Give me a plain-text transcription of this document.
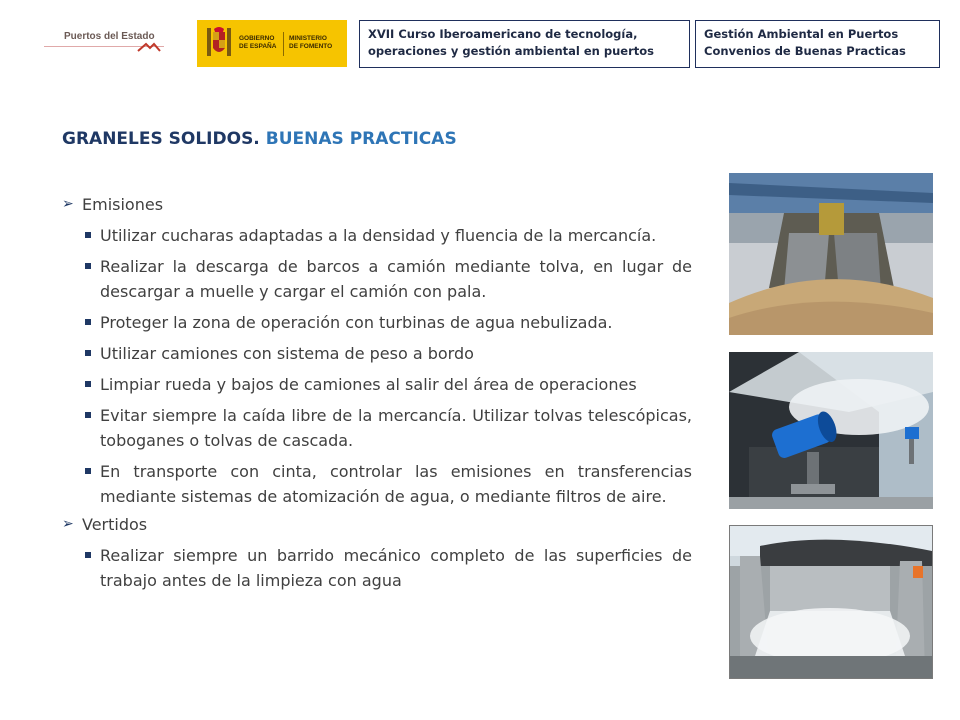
Puertos del Estado	GOBIERNO
DE ESPAÑA
MINISTERIO
DE FOMENTO
XVII Curso Iberoamericano de tecnología,
operaciones y gestión ambiental en puertos
Gestión Ambiental en Puertos
Convenios de Buenas Practicas
GRANELES SOLIDOS. BUENAS PRACTICAS

➢ Emisiones

Utilizar cucharas adaptadas a la densidad y fluencia de la mercancía.

Realizar la descarga de barcos a camión mediante tolva, en lugar de descargar a muelle y cargar el camión con pala.

Proteger la zona de operación con turbinas de agua nebulizada.

Utilizar camiones con sistema de peso a bordo

Limpiar rueda y bajos de camiones al salir del área de operaciones

Evitar siempre la caída libre de la mercancía. Utilizar tolvas telescópicas, toboganes o tolvas de cascada.

En transporte con cinta, controlar las emisiones en transferencias mediante sistemas de atomización de agua, o mediante filtros de aire.

➢ Vertidos

Realizar siempre un barrido mecánico completo de las superficies de trabajo antes de la limpieza con agua
